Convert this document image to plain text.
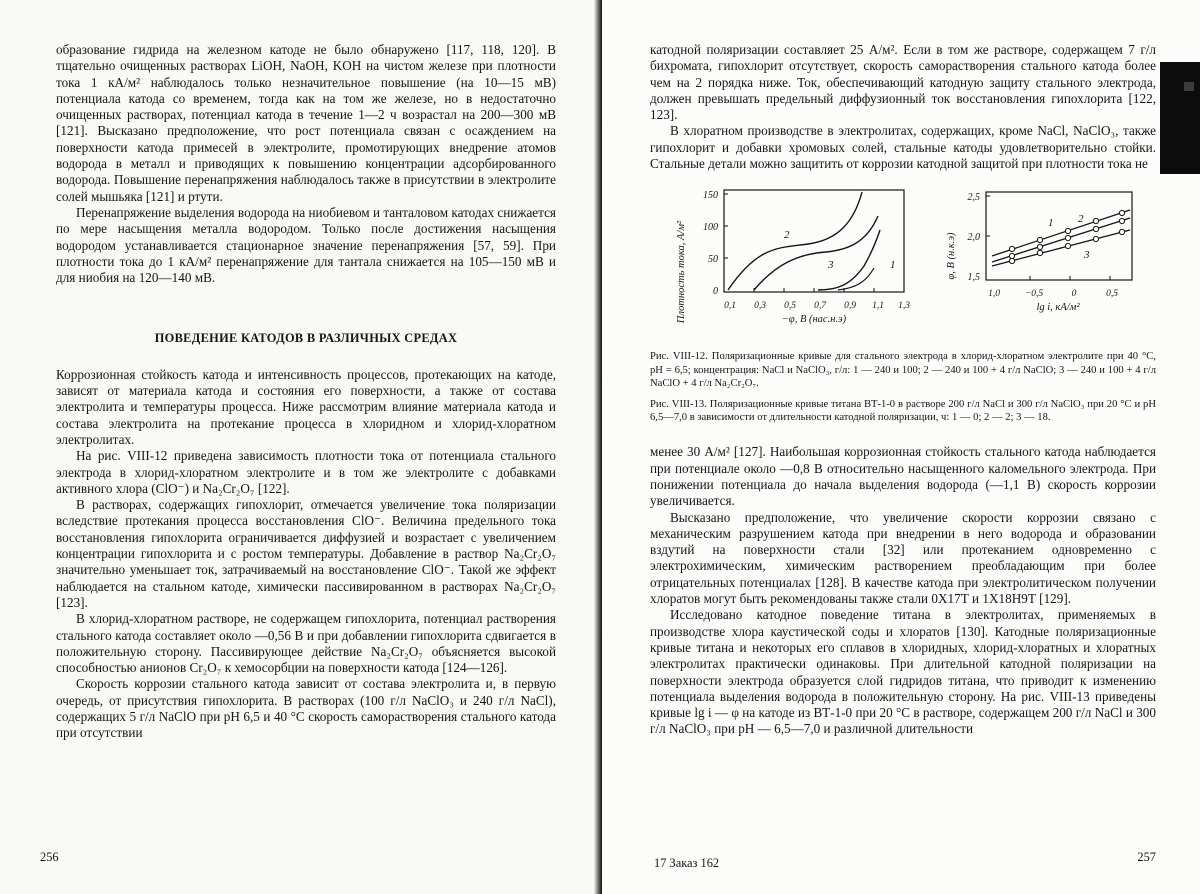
образование гидрида на железном катоде не было обнаружено [117, 118, 120]. В тщательно очищенных растворах LiOH, NaOH, KOH на чистом железе при плотности тока 1 кА/м² наблюдалось только незначительное повышение (на 10—15 мВ) потенциала катода со временем, тогда как на том же железе, но в недостаточно очищенных растворах, потенциал катода в течение 1—2 ч возрастал на 200—300 мВ [121]. Высказано предположение, что рост потенциала связан с осаждением на поверхности катода примесей в электролите, промотирующих внедрение атомов водорода в металл и приводящих к повышению концентрации адсорбированного водорода. Повышение перенапряжения наблюдалось также в присутствии в электролите солей мышьяка [121] и ртути.

Перенапряжение выделения водорода на ниобиевом и танталовом катодах снижается по мере насыщения металла водородом. Только после достижения насыщения водородом устанавливается стационарное значение перенапряжения [57, 59]. При плотности тока до 1 кА/м² перенапряжение для тантала снижается на 105—150 мВ и для ниобия на 120—140 мВ.

ПОВЕДЕНИЕ КАТОДОВ В РАЗЛИЧНЫХ СРЕДАХ

Коррозионная стойкость катода и интенсивность процессов, протекающих на катоде, зависят от материала катода и состояния его поверхности, а также от состава электролита и температуры процесса. Ниже рассмотрим влияние материала катода и состава электролита на протекание процесса в хлоридном и хлорид-хлоратном электролитах.

На рис. VIII-12 приведена зависимость плотности тока от потенциала стального электрода в хлорид-хлоратном электролите и в том же электролите с добавками активного хлора (ClO⁻) и Na₂Cr₂O₇ [122].

В растворах, содержащих гипохлорит, отмечается увеличение тока поляризации вследствие протекания процесса восстановления ClO⁻. Величина предельного тока восстановления гипохлорита ограничивается диффузией и возрастает с увеличением концентрации гипохлорита и с ростом температуры. Добавление в раствор Na₂Cr₂O₇ значительно уменьшает ток, затрачиваемый на восстановление ClO⁻. Такой же эффект наблюдается на стальном катоде, химически пассивированном в растворах Na₂Cr₂O₇ [123].

В хлорид-хлоратном растворе, не содержащем гипохлорита, потенциал растворения стального катода составляет около —0,56 В и при добавлении гипохлорита сдвигается в положительную сторону. Пассивирующее действие Na₂Cr₂O₇ объясняется высокой способностью анионов Cr₂O₇ к хемосорбции на поверхности катода [124—126].

Скорость коррозии стального катода зависит от состава электролита и, в первую очередь, от присутствия гипохлорита. В растворах (100 г/л NaClO₃ и 240 г/л NaCl), содержащих 5 г/л NaClO при pH 6,5 и 40 °С скорость саморастворения стального катода при отсутствии

256

катодной поляризации составляет 25 А/м². Если в том же растворе, содержащем 7 г/л бихромата, гипохлорит отсутствует, скорость саморастворения стального катода более чем на 2 порядка ниже. Ток, обеспечивающий катодную защиту стального электрода, должен превышать предельный диффузионный ток восстановления гипохлорита [122, 123].

В хлоратном производстве в электролитах, содержащих, кроме NaCl, NaClO₃, также гипохлорит и добавки хромовых солей, стальные катоды удовлетворительно стойки. Стальные детали можно защитить от коррозии катодной защитой при плотности тока не

Плотность тока, А/м²
150
100
50
0
2
3	1
0,1 0,3 0,5 0,7 0,9 1,1 1,3
−φ, В (нас.н.э)
φ, В (н.к.э)
2,5
2,0
1,5
1 2
3
1,0	−0,5	0	0,5
lg i, кА/м²

Рис. VIII-12. Поляризационные кривые для стального электрода в хлорид-хлоратном электролите при 40 °С, pH = 6,5; концентрация: NaCl и NaClO₃, г/л: 1 — 240 и 100; 2 — 240 и 100 + 4 г/л NaClO; 3 — 240 и 100 + 4 г/л NaClO + 4 г/л Na₂Cr₂O₇.

Рис. VIII-13. Поляризационные кривые титана ВТ-1-0 в растворе 200 г/л NaCl и 300 г/л NaClO₃ при 20 °С и pH 6,5—7,0 в зависимости от длительности катодной поляризации, ч: 1 — 0; 2 — 2; 3 — 18.

менее 30 А/м² [127]. Наибольшая коррозионная стойкость стального катода наблюдается при потенциале около —0,8 В относительно насыщенного каломельного электрода. При понижении потенциала до начала выделения водорода (—1,1 В) скорость коррозии увеличивается.

Высказано предположение, что увеличение скорости коррозии связано с механическим разрушением катода при внедрении в него водорода и образовании вздутий на поверхности стали [32] или протеканием одновременно с электрохимическим, химическим растворением преобладающим при более отрицательных потенциалах [128]. В качестве катода при электролитическом получении хлоратов могут быть рекомендованы также стали 0Х17Т и 1Х18Н9Т [129].

Исследовано катодное поведение титана в электролитах, применяемых в производстве хлора каустической соды и хлоратов [130]. Катодные поляризационные кривые титана и некоторых его сплавов в хлоридных, хлорид-хлоратных и хлоратных электролитах практически одинаковы. При длительной катодной поляризации на поверхности электрода образуется слой гидридов титана, что приводит к изменению потенциала выделения водорода в положительную сторону. На рис. VIII-13 приведены кривые lg i — φ на катоде из ВТ-1-0 при 20 °С в растворе, содержащем 200 г/л NaCl и 300 г/л NaClO₃ при pH — 6,5—7,0 и различной длительности

17 Заказ 162	257
